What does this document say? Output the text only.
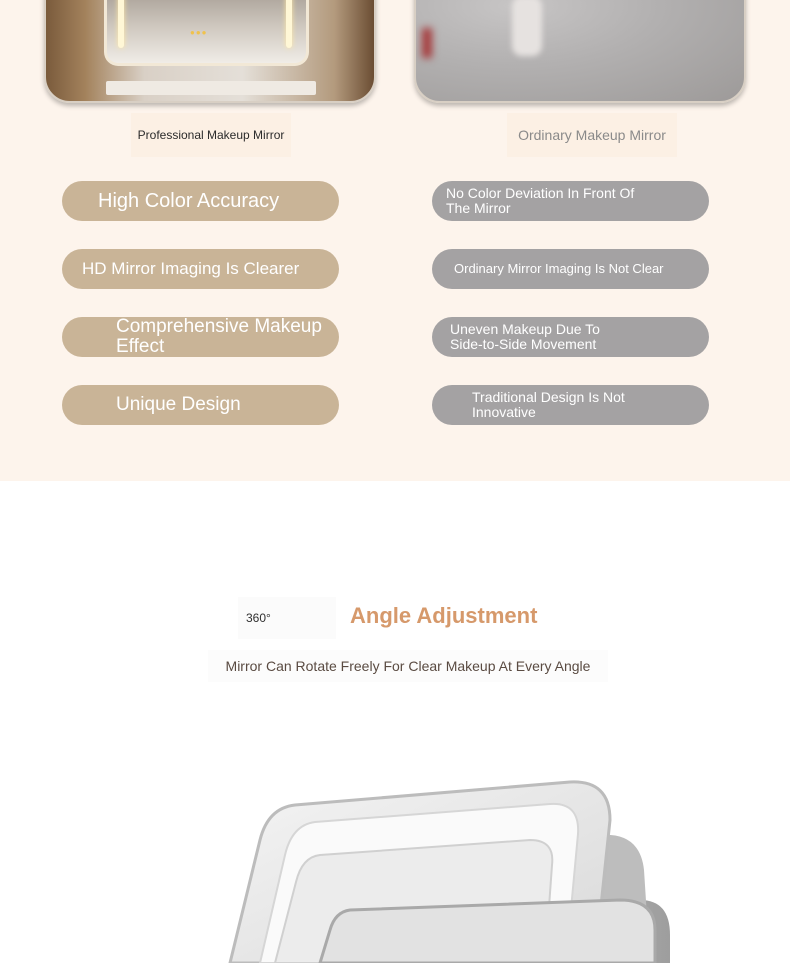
●●●
Professional Makeup Mirror	Ordinary Makeup Mirror
High Color Accuracy
HD Mirror Imaging Is Clearer
Comprehensive Makeup Effect
Unique Design
No Color Deviation In Front Of The Mirror
Ordinary Mirror Imaging Is Not Clear
Uneven Makeup Due To Side-to-Side Movement
Traditional Design Is Not Innovative
360°	Angle Adjustment
Mirror Can Rotate Freely For Clear Makeup At Every Angle
